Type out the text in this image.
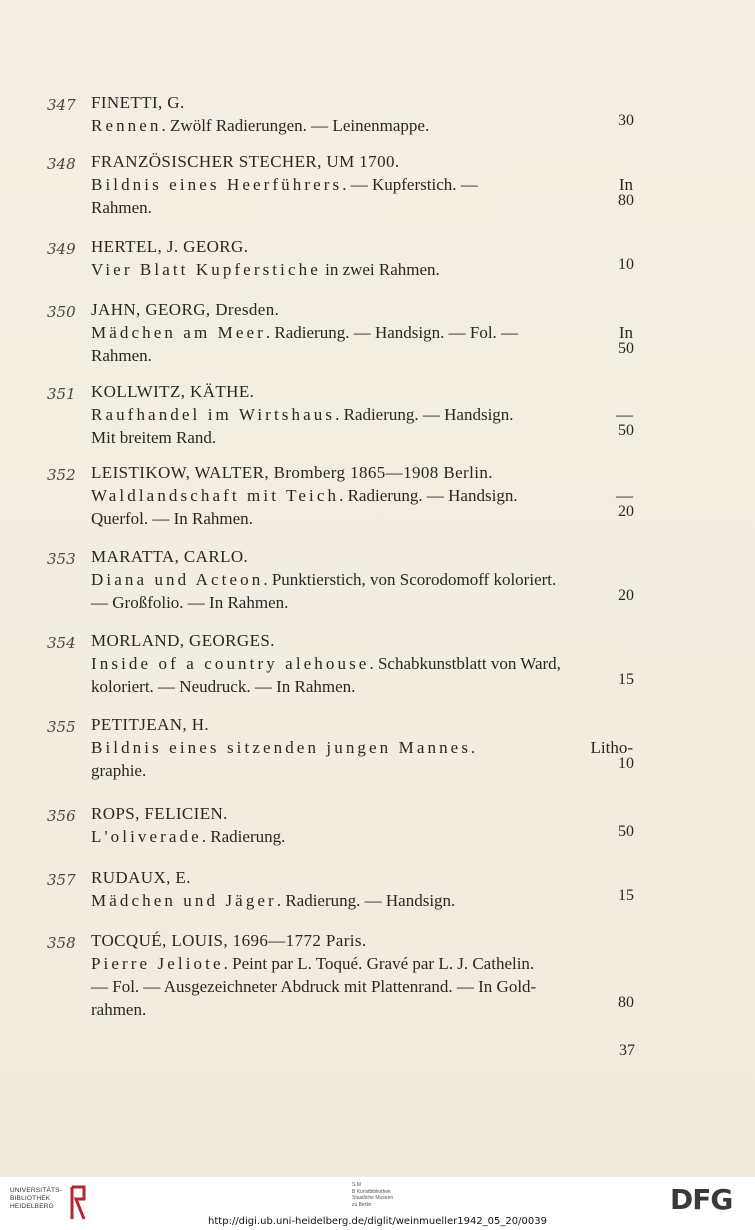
347 FINETTI, G.
Rennen. Zwölf Radierungen. — Leinenmappe.	30
348 FRANZÖSISCHER STECHER, UM 1700.
Bildnis eines Heerführers. — Kupferstich. —	In
Rahmen.	80
349 HERTEL, J. GEORG.
Vier Blatt Kupferstiche in zwei Rahmen.	10
350 JAHN, GEORG, Dresden.
Mädchen am Meer. Radierung. — Handsign. — Fol. —	In
Rahmen.	50
351 KOLLWITZ, KÄTHE.
Raufhandel im Wirtshaus. Radierung. — Handsign.	—
Mit breitem Rand.	50
352 LEISTIKOW, WALTER, Bromberg 1865—1908 Berlin.
Waldlandschaft mit Teich. Radierung. — Handsign.	—
Querfol. — In Rahmen.	20
353 MARATTA, CARLO.
Diana und Acteon. Punktierstich, von Scorodomoff koloriert.
— Großfolio. — In Rahmen.	20
354 MORLAND, GEORGES.
Inside of a country alehouse. Schabkunstblatt von Ward,
koloriert. — Neudruck. — In Rahmen.	15
355 PETITJEAN, H.
Bildnis eines sitzenden jungen Mannes.	Litho-
graphie.	10
356 ROPS, FELICIEN.
L'oliverade. Radierung.	50
357 RUDAUX, E.
Mädchen und Jäger. Radierung. — Handsign.	15
358 TOCQUÉ, LOUIS, 1696—1772 Paris.
Pierre Jeliote. Peint par L. Toqué. Gravé par L. J. Cathelin.
— Fol. — Ausgezeichneter Abdruck mit Plattenrand. — In Gold-
rahmen.	80
37
UNIVERSITÄTS-
BIBLIOTHEK
HEIDELBERG
S M
B Kunstbibliothek
Staatliche Museen
zu Berlin	DFG
http://digi.ub.uni-heidelberg.de/diglit/weinmueller1942_05_20/0039
